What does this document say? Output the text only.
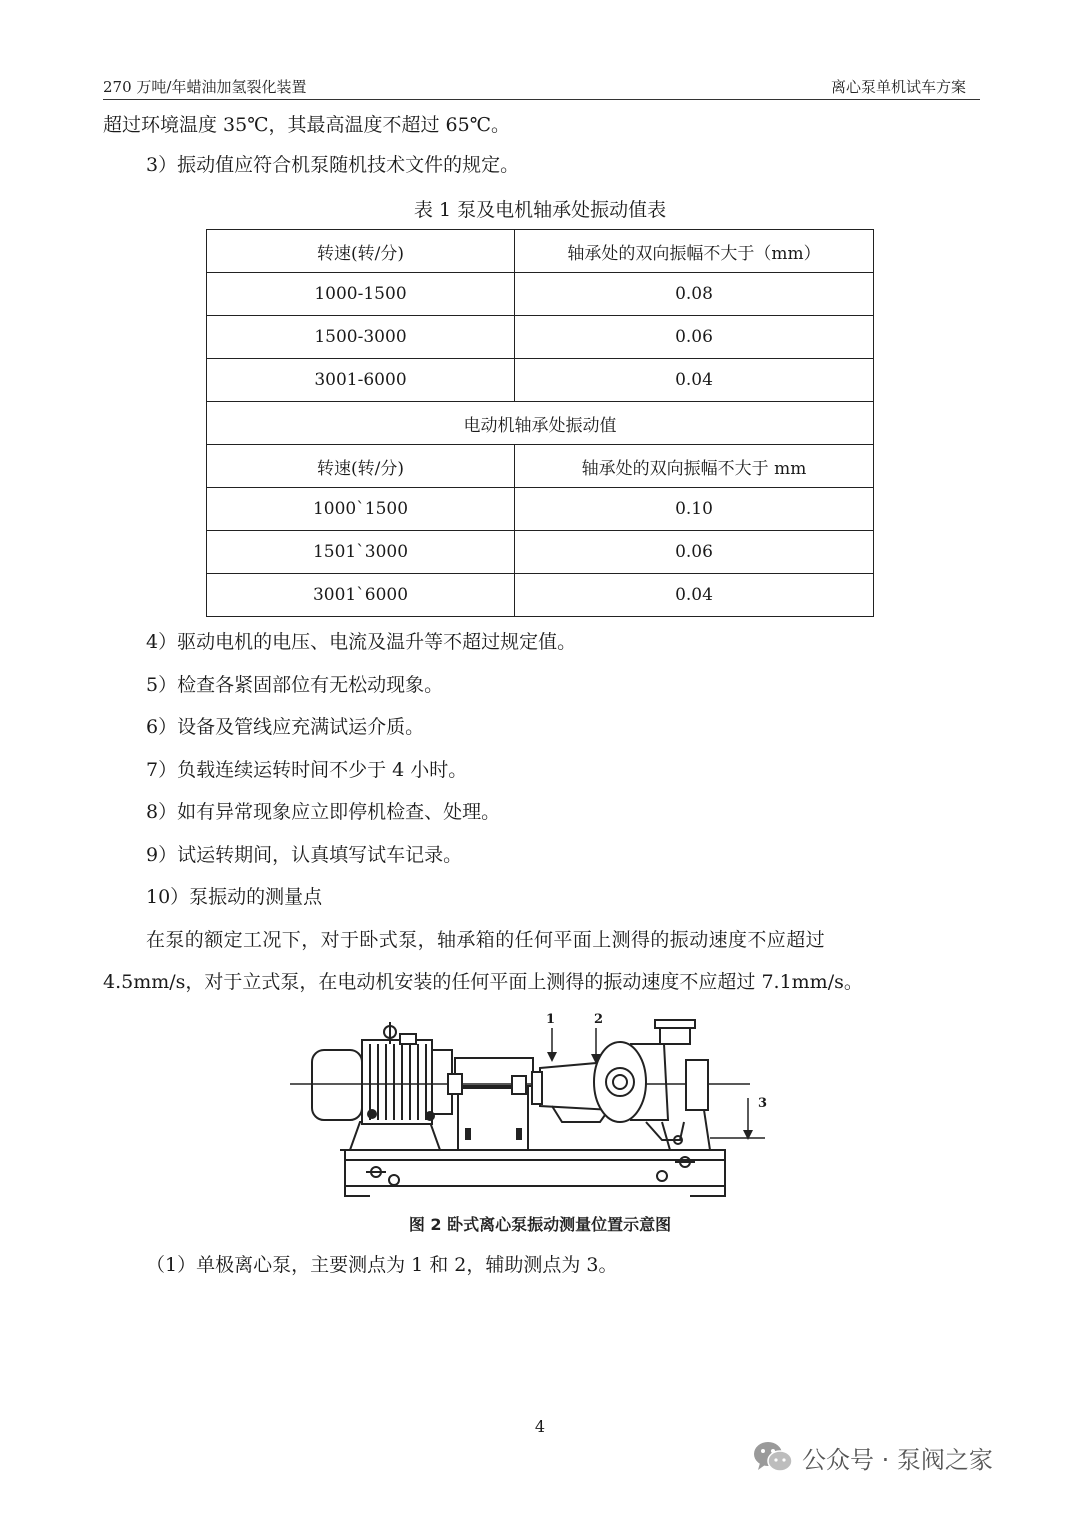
270 万吨/年蜡油加氢裂化装置	离心泵单机试车方案
超过环境温度 35℃，其最高温度不超过 65℃。
3）振动值应符合机泵随机技术文件的规定。
表 1 泵及电机轴承处振动值表
转速(转/分)	轴承处的双向振幅不大于（mm）
1000-1500	0.08
1500-3000	0.06
3001-6000	0.04
电动机轴承处振动值	
转速(转/分)	轴承处的双向振幅不大于 mm
1000`1500	0.10
1501`3000	0.06
3001`6000	0.04
4）驱动电机的电压、电流及温升等不超过规定值。
5）检查各紧固部位有无松动现象。
6）设备及管线应充满试运介质。
7）负载连续运转时间不少于 4 小时。
8）如有异常现象应立即停机检查、处理。
9）试运转期间，认真填写试车记录。
10）泵振动的测量点
在泵的额定工况下，对于卧式泵，轴承箱的任何平面上测得的振动速度不应超过
4.5mm/s，对于立式泵，在电动机安装的任何平面上测得的振动速度不应超过 7.1mm/s。
1	2
3
图 2 卧式离心泵振动测量位置示意图
（1）单极离心泵，主要测点为 1 和 2，辅助测点为 3。
4
公众号 · 泵阀之家
